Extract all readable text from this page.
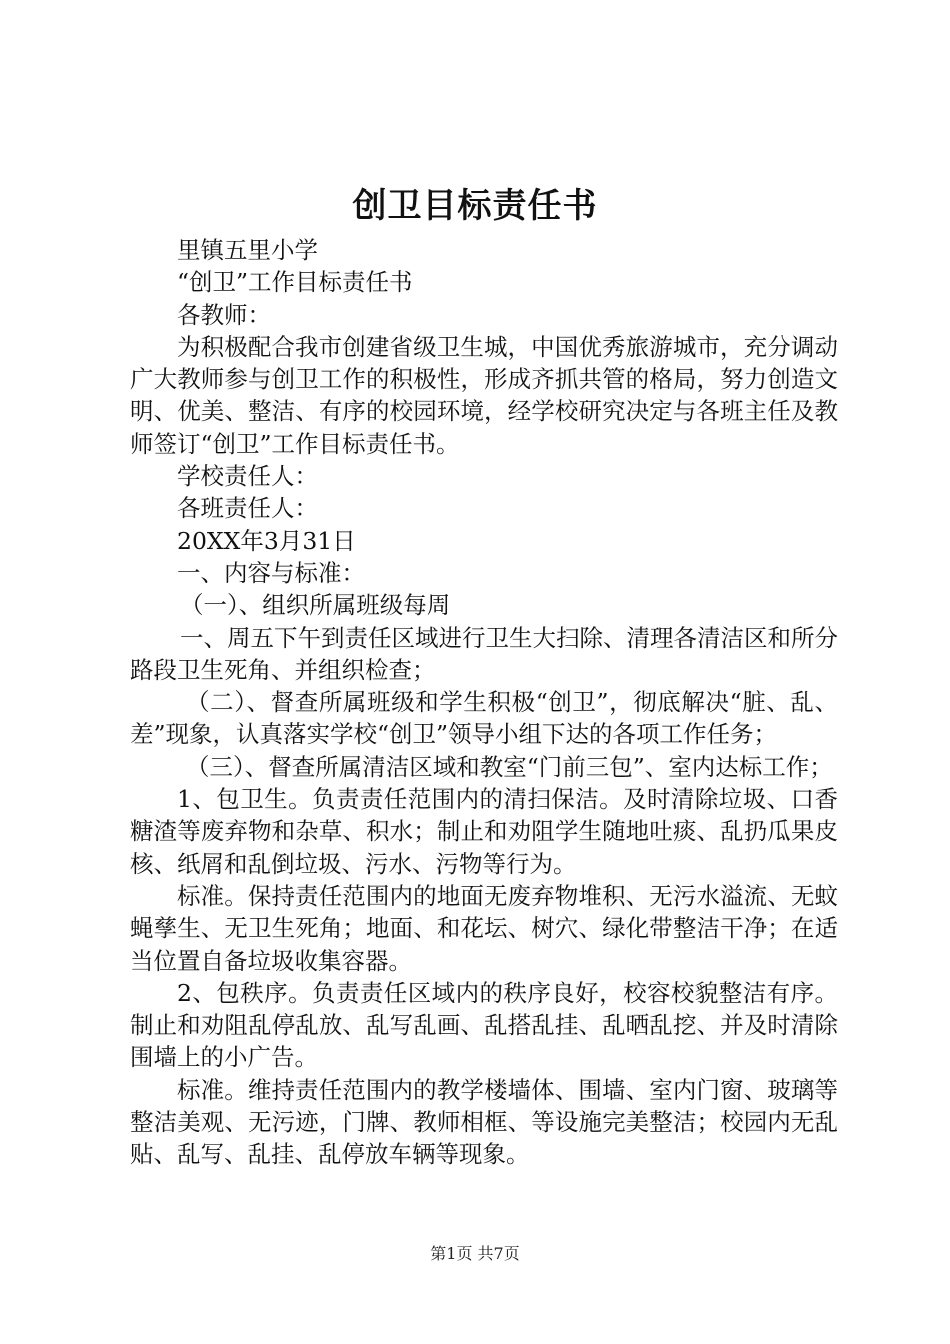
创卫目标责任书

里镇五里小学

“创卫”工作目标责任书

各教师：

为积极配合我市创建省级卫生城，中国优秀旅游城市，充分调动广大教师参与创卫工作的积极性，形成齐抓共管的格局，努力创造文明、优美、整洁、有序的校园环境，经学校研究决定与各班主任及教师签订“创卫”工作目标责任书。

学校责任人：

各班责任人：

20XX年3月31日

一、内容与标准：

（一）、组织所属班级每周

一、周五下午到责任区域进行卫生大扫除、清理各清洁区和所分路段卫生死角、并组织检查；

（二）、督查所属班级和学生积极“创卫”，彻底解决“脏、乱、差”现象，认真落实学校“创卫”领导小组下达的各项工作任务；

（三）、督查所属清洁区域和教室“门前三包”、室内达标工作；

1、包卫生。负责责任范围内的清扫保洁。及时清除垃圾、口香糖渣等废弃物和杂草、积水；制止和劝阻学生随地吐痰、乱扔瓜果皮核、纸屑和乱倒垃圾、污水、污物等行为。

标准。保持责任范围内的地面无废弃物堆积、无污水溢流、无蚊蝇孳生、无卫生死角；地面、和花坛、树穴、绿化带整洁干净；在适当位置自备垃圾收集容器。

2、包秩序。负责责任区域内的秩序良好，校容校貌整洁有序。制止和劝阻乱停乱放、乱写乱画、乱搭乱挂、乱晒乱挖、并及时清除围墙上的小广告。

标准。维持责任范围内的教学楼墙体、围墙、室内门窗、玻璃等整洁美观、无污迹，门牌、教师相框、等设施完美整洁；校园内无乱贴、乱写、乱挂、乱停放车辆等现象。

第1页 共7页
